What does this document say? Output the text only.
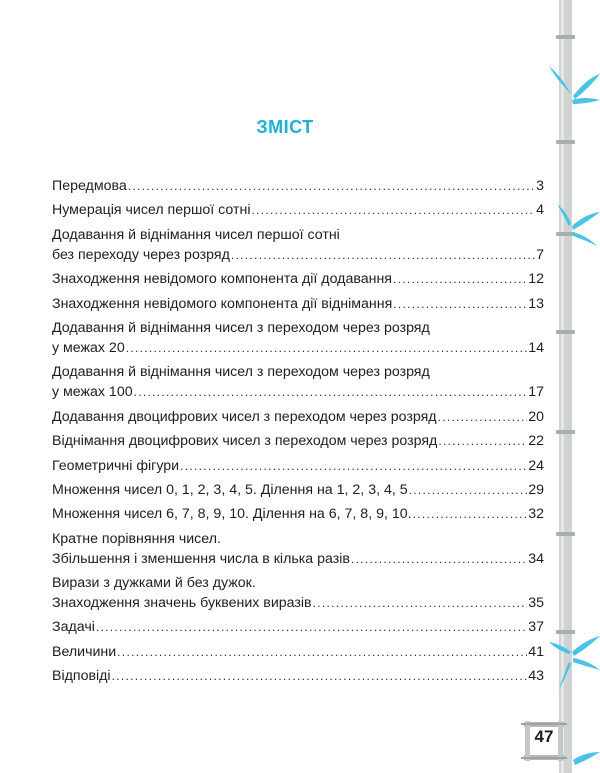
47
ЗМІСТ
Передмова .....	3
Нумерація чисел першої сотні .....	4
Додавання й віднімання чисел першої сотні
без переходу через розряд .....	7
Знаходження невідомого компонента дії додавання .....	12
Знаходження невідомого компонента дії віднімання .....	13
Додавання й віднімання чисел з переходом через розряд
у межах 20 .....	14
Додавання й віднімання чисел з переходом через розряд
у межах 100 .....	17
Додавання двоцифрових чисел з переходом через розряд .....	20
Віднімання двоцифрових чисел з переходом через розряд .....	22
Геометричні фігури .....	24
Множення чисел 0, 1, 2, 3, 4, 5. Ділення на 1, 2, 3, 4, 5 .....	29
Множення чисел 6, 7, 8, 9, 10. Ділення на 6, 7, 8, 9, 10. .....	32
Кратне порівняння чисел.
Збільшення і зменшення числа в кілька разів .....	34
Вирази з дужками й без дужок.
Знаходження значень буквених виразів .....	35
Задачі .....	37
Величини .....	41
Відповіді .....	43
